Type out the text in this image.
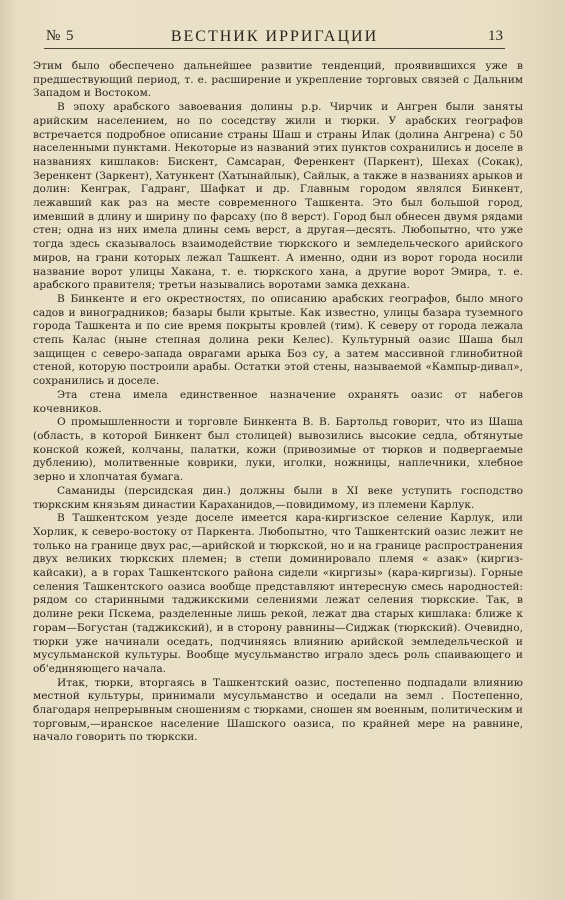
№ 5	ВЕСТНИК ИРРИГАЦИИ	13

Этим было обеспечено дальнейшее развитие тенденций, проявившихся уже в предшествующий период, т. е. расширение и укрепление торговых связей с Дальним Западом и Востоком.

В эпоху арабского завоевания долины р.р. Чирчик и Ангрен были заняты арийским населением, но по соседству жили и тюрки. У арабских географов встречается подробное описание страны Шаш и страны Илак (долина Ангрена) с 50 населенными пунктами. Некоторые из названий этих пунктов сохранились и доселе в названиях кишлаков: Бискент, Самсаран, Ференкент (Паркент), Шехах (Сокак), Зеренкент (Заркент), Хатункент (Хатынайлык), Сайлык, а также в названиях арыков и долин: Кенграк, Гадранг, Шафкат и др. Главным городом являлся Бинкент, лежавший как раз на месте современного Ташкента. Это был большой город, имевший в длину и ширину по фарсаху (по 8 верст). Город был обнесен двумя рядами стен; одна из них имела длины семь верст, а другая—десять. Любопытно, что уже тогда здесь сказывалось взаимодействие тюркского и земледельческого арийского миров, на грани которых лежал Ташкент. А именно, одни из ворот города носили название ворот улицы Хакана, т. е. тюркского хана, а другие ворот Эмира, т. е. арабского правителя; третьи назывались воротами замка дехкана.

В Бинкенте и его окрестностях, по описанию арабских географов, было много садов и виноградников; базары были крытые. Как известно, улицы базара туземного города Ташкента и по сие время покрыты кровлей (тим). К северу от города лежала степь Калас (ныне степная долина реки Келес). Культурный оазис Шаша был защищен с северо-запада оврагами арыка Боз су, а затем массивной глинобитной стеной, которую построили арабы. Остатки этой стены, называемой «Кампыр-дивал», сохранились и доселе.

Эта стена имела единственное назначение охранять оазис от набегов кочевников.

О промышленности и торговле Бинкента В. В. Бартольд говорит, что из Шаша (область, в которой Бинкент был столицей) вывозились высокие седла, обтянутые конской кожей, колчаны, палатки, кожи (привозимые от тюрков и подвергаемые дублению), молитвенные коврики, луки, иголки, ножницы, наплечники, хлебное зерно и хлопчатая бумага.

Саманиды (персидская дин.) должны были в XI веке уступить господство тюркским князьям династии Караханидов,—повидимому, из племени Карлук.

В Ташкентском уезде доселе имеется кара-киргизское селение Карлук, или Хорлик, к северо-востоку от Паркента. Любопытно, что Ташкентский оазис лежит не только на границе двух рас,—арийской и тюркской, но и на границе распространения двух великих тюркских племен; в степи доминировало племя « азак» (киргиз-кайсаки), а в горах Ташкентского района сидели «киргизы» (кара-киргизы). Горные селения Ташкентского оазиса вообще представляют интересную смесь народностей: рядом со старинными таджикскими селениями лежат селения тюркские. Так, в долине реки Пскема, разделенные лишь рекой, лежат два старых кишлака: ближе к горам—Богустан (таджикский), и в сторону равнины—Сиджак (тюркский). Очевидно, тюрки уже начинали оседать, подчиняясь влиянию арийской земледельческой и мусульманской культуры. Вообще мусульманство играло здесь роль спаивающего и об'единяющего начала.

Итак, тюрки, вторгаясь в Ташкентский оазис, постепенно подпадали влиянию местной культуры, принимали мусульманство и оседали на земл . Постепенно, благодаря непрерывным сношениям с тюрками, сношен ям военным, политическим и торговым,—иранское население Шашского оазиса, по крайней мере на равнине, начало говорить по тюркски.
